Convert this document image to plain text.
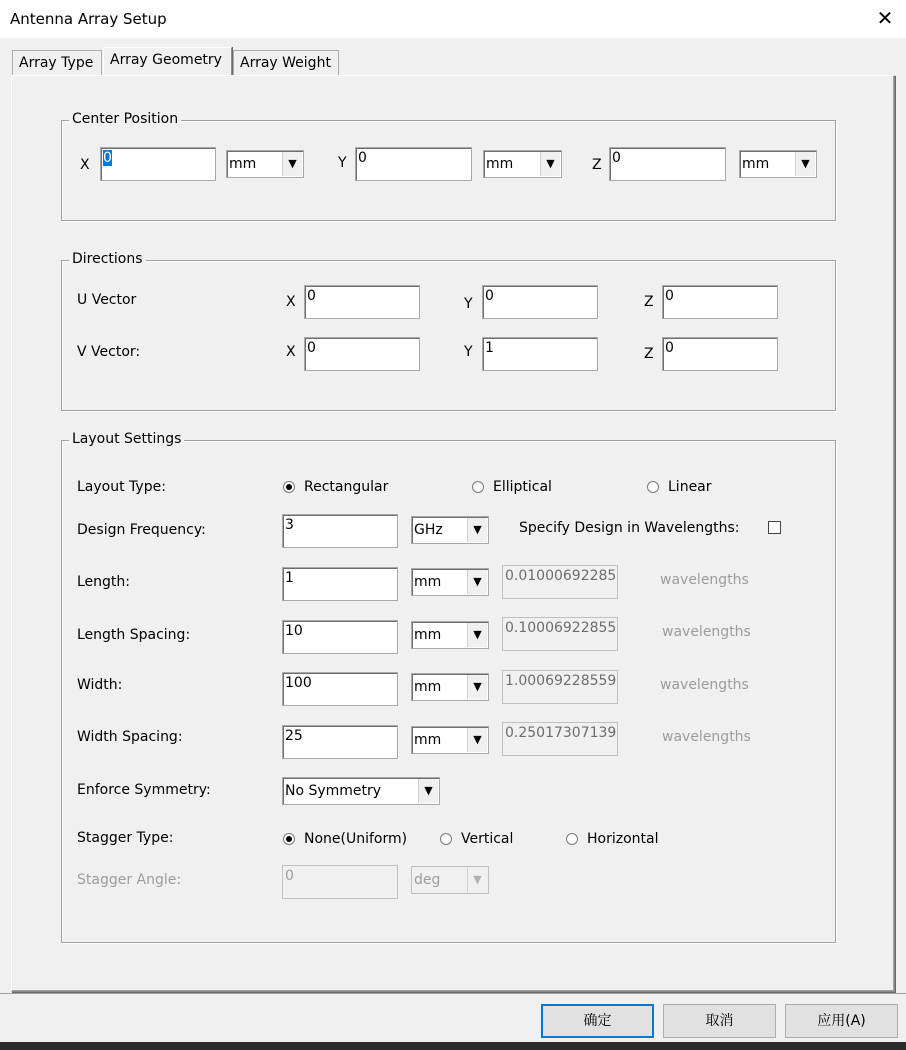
Antenna Array Setup	✕
Array Type	Array Geometry	Array Weight
Center Position
X 0	mm	▼	Y 0	mm	▼	Z 0	mm	▼
Directions
U Vector	X 0	Y 0	Z 0
V Vector:	X 0	Y 1	Z 0
Layout Settings
Layout Type:	Rectangular	Elliptical	Linear
Design Frequency:	3	GHz	▼	Specify Design in Wavelengths:
Length:	1	mm	▼	0.01000692285	wavelengths
Length Spacing:	10	mm	▼	0.10006922855	wavelengths
Width:	100	mm	▼	1.00069228559	wavelengths
Width Spacing:	25	mm	▼	0.25017307139	wavelengths
Enforce Symmetry:	No Symmetry	▼
Stagger Type:	None(Uniform)	Vertical	Horizontal
Stagger Angle:	0	deg	▼
确定	取消	应用(A)
